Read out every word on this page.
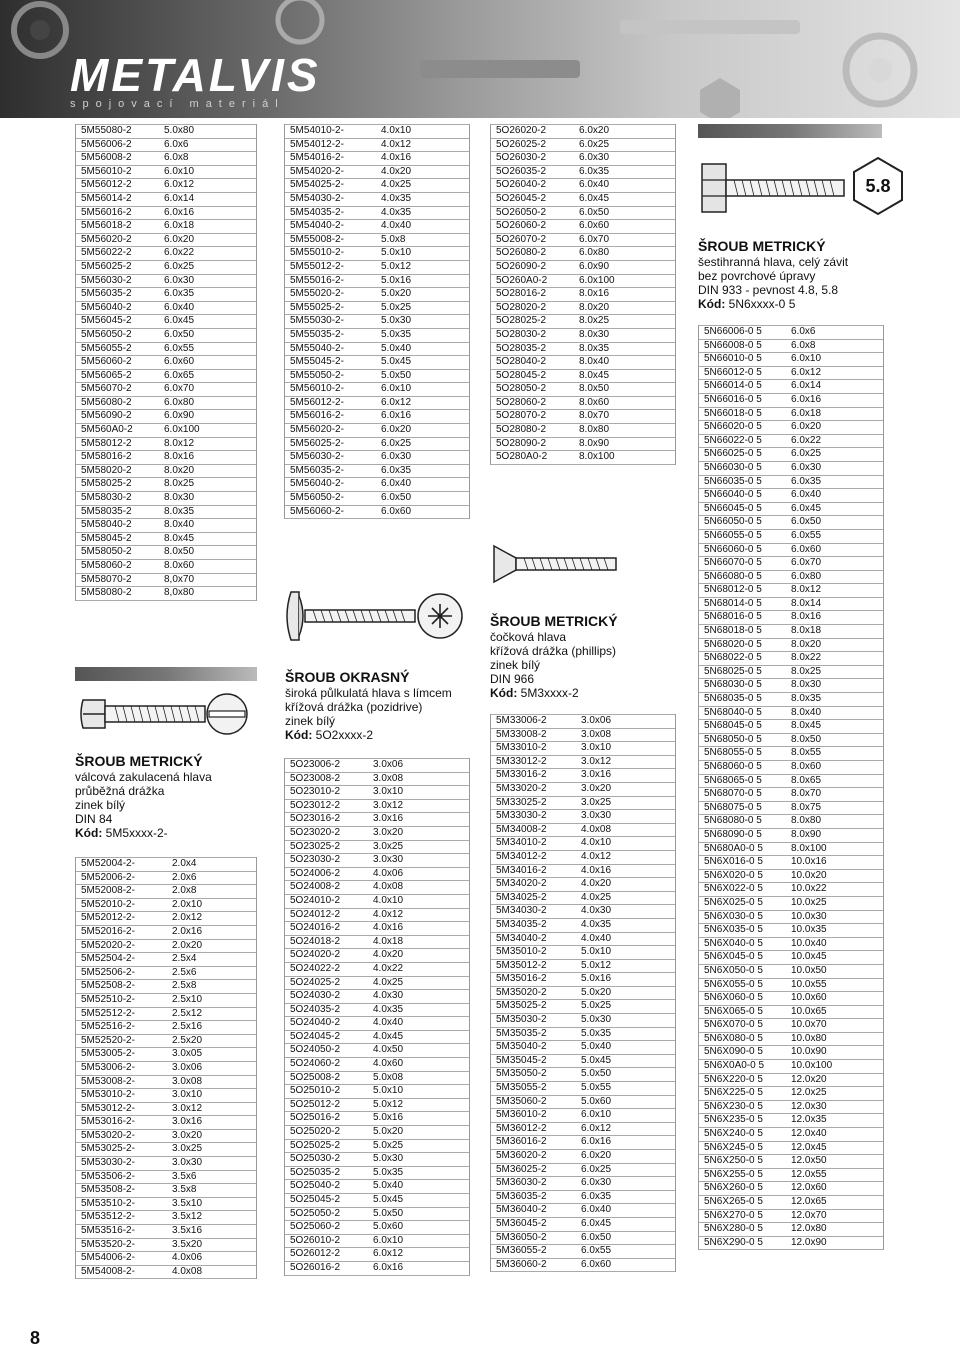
METALVIS
spojovací materiál
5M55080-2	5.0x80
5M56006-2	6.0x6
5M56008-2	6.0x8
5M56010-2	6.0x10
5M56012-2	6.0x12
5M56014-2	6.0x14
5M56016-2	6.0x16
5M56018-2	6.0x18
5M56020-2	6.0x20
5M56022-2	6.0x22
5M56025-2	6.0x25
5M56030-2	6.0x30
5M56035-2	6.0x35
5M56040-2	6.0x40
5M56045-2	6.0x45
5M56050-2	6.0x50
5M56055-2	6.0x55
5M56060-2	6.0x60
5M56065-2	6.0x65
5M56070-2	6.0x70
5M56080-2	6.0x80
5M56090-2	6.0x90
5M560A0-2	6.0x100
5M58012-2	8.0x12
5M58016-2	8.0x16
5M58020-2	8.0x20
5M58025-2	8.0x25
5M58030-2	8.0x30
5M58035-2	8.0x35
5M58040-2	8.0x40
5M58045-2	8.0x45
5M58050-2	8.0x50
5M58060-2	8.0x60
5M58070-2	8,0x70
5M58080-2	8,0x80
ŠROUB METRICKÝ
válcová zakulacená hlava
průběžná drážka
zinek bílý
DIN 84
Kód: 5M5xxxx-2-
5M52004-2-	2.0x4
5M52006-2-	2.0x6
5M52008-2-	2.0x8
5M52010-2-	2.0x10
5M52012-2-	2.0x12
5M52016-2-	2.0x16
5M52020-2-	2.0x20
5M52504-2-	2.5x4
5M52506-2-	2.5x6
5M52508-2-	2.5x8
5M52510-2-	2.5x10
5M52512-2-	2.5x12
5M52516-2-	2.5x16
5M52520-2-	2.5x20
5M53005-2-	3.0x05
5M53006-2-	3.0x06
5M53008-2-	3.0x08
5M53010-2-	3.0x10
5M53012-2-	3.0x12
5M53016-2-	3.0x16
5M53020-2-	3.0x20
5M53025-2-	3.0x25
5M53030-2-	3.0x30
5M53506-2-	3.5x6
5M53508-2-	3.5x8
5M53510-2-	3.5x10
5M53512-2-	3.5x12
5M53516-2-	3.5x16
5M53520-2-	3.5x20
5M54006-2-	4.0x06
5M54008-2-	4.0x08
5M54010-2-	4.0x10
5M54012-2-	4.0x12
5M54016-2-	4.0x16
5M54020-2-	4.0x20
5M54025-2-	4.0x25
5M54030-2-	4.0x35
5M54035-2-	4.0x35
5M54040-2-	4.0x40
5M55008-2-	5.0x8
5M55010-2-	5.0x10
5M55012-2-	5.0x12
5M55016-2-	5.0x16
5M55020-2-	5.0x20
5M55025-2-	5.0x25
5M55030-2-	5.0x30
5M55035-2-	5.0x35
5M55040-2-	5.0x40
5M55045-2-	5.0x45
5M55050-2-	5.0x50
5M56010-2-	6.0x10
5M56012-2-	6.0x12
5M56016-2-	6.0x16
5M56020-2-	6.0x20
5M56025-2-	6.0x25
5M56030-2-	6.0x30
5M56035-2-	6.0x35
5M56040-2-	6.0x40
5M56050-2-	6.0x50
5M56060-2-	6.0x60
ŠROUB OKRASNÝ
široká půlkulatá hlava s límcem
křížová drážka (pozidrive)
zinek bílý
Kód: 5O2xxxx-2
5O23006-2	3.0x06
5O23008-2	3.0x08
5O23010-2	3.0x10
5O23012-2	3.0x12
5O23016-2	3.0x16
5O23020-2	3.0x20
5O23025-2	3.0x25
5O23030-2	3.0x30
5O24006-2	4.0x06
5O24008-2	4.0x08
5O24010-2	4.0x10
5O24012-2	4.0x12
5O24016-2	4.0x16
5O24018-2	4.0x18
5O24020-2	4.0x20
5O24022-2	4.0x22
5O24025-2	4.0x25
5O24030-2	4.0x30
5O24035-2	4.0x35
5O24040-2	4.0x40
5O24045-2	4.0x45
5O24050-2	4.0x50
5O24060-2	4.0x60
5O25008-2	5.0x08
5O25010-2	5.0x10
5O25012-2	5.0x12
5O25016-2	5.0x16
5O25020-2	5.0x20
5O25025-2	5.0x25
5O25030-2	5.0x30
5O25035-2	5.0x35
5O25040-2	5.0x40
5O25045-2	5.0x45
5O25050-2	5.0x50
5O25060-2	5.0x60
5O26010-2	6.0x10
5O26012-2	6.0x12
5O26016-2	6.0x16
5O26020-2	6.0x20
5O26025-2	6.0x25
5O26030-2	6.0x30
5O26035-2	6.0x35
5O26040-2	6.0x40
5O26045-2	6.0x45
5O26050-2	6.0x50
5O26060-2	6.0x60
5O26070-2	6.0x70
5O26080-2	6.0x80
5O26090-2	6.0x90
5O260A0-2	6.0x100
5O28016-2	8.0x16
5O28020-2	8.0x20
5O28025-2	8.0x25
5O28030-2	8.0x30
5O28035-2	8.0x35
5O28040-2	8.0x40
5O28045-2	8.0x45
5O28050-2	8.0x50
5O28060-2	8.0x60
5O28070-2	8.0x70
5O28080-2	8.0x80
5O28090-2	8.0x90
5O280A0-2	8.0x100
ŠROUB METRICKÝ
čočková hlava
křížová drážka (phillips)
zinek bílý
DIN 966
Kód: 5M3xxxx-2
5M33006-2	3.0x06
5M33008-2	3.0x08
5M33010-2	3.0x10
5M33012-2	3.0x12
5M33016-2	3.0x16
5M33020-2	3.0x20
5M33025-2	3.0x25
5M33030-2	3.0x30
5M34008-2	4.0x08
5M34010-2	4.0x10
5M34012-2	4.0x12
5M34016-2	4.0x16
5M34020-2	4.0x20
5M34025-2	4.0x25
5M34030-2	4.0x30
5M34035-2	4.0x35
5M34040-2	4.0x40
5M35010-2	5.0x10
5M35012-2	5.0x12
5M35016-2	5.0x16
5M35020-2	5.0x20
5M35025-2	5.0x25
5M35030-2	5.0x30
5M35035-2	5.0x35
5M35040-2	5.0x40
5M35045-2	5.0x45
5M35050-2	5.0x50
5M35055-2	5.0x55
5M35060-2	5.0x60
5M36010-2	6.0x10
5M36012-2	6.0x12
5M36016-2	6.0x16
5M36020-2	6.0x20
5M36025-2	6.0x25
5M36030-2	6.0x30
5M36035-2	6.0x35
5M36040-2	6.0x40
5M36045-2	6.0x45
5M36050-2	6.0x50
5M36055-2	6.0x55
5M36060-2	6.0x60
5.8
ŠROUB METRICKÝ
šestihranná hlava, celý závit
bez povrchové úpravy
DIN 933 - pevnost 4.8, 5.8
Kód: 5N6xxxx-0 5
5N66006-0 5	6.0x6
5N66008-0 5	6.0x8
5N66010-0 5	6.0x10
5N66012-0 5	6.0x12
5N66014-0 5	6.0x14
5N66016-0 5	6.0x16
5N66018-0 5	6.0x18
5N66020-0 5	6.0x20
5N66022-0 5	6.0x22
5N66025-0 5	6.0x25
5N66030-0 5	6.0x30
5N66035-0 5	6.0x35
5N66040-0 5	6.0x40
5N66045-0 5	6.0x45
5N66050-0 5	6.0x50
5N66055-0 5	6.0x55
5N66060-0 5	6.0x60
5N66070-0 5	6.0x70
5N66080-0 5	6.0x80
5N68012-0 5	8.0x12
5N68014-0 5	8.0x14
5N68016-0 5	8.0x16
5N68018-0 5	8.0x18
5N68020-0 5	8.0x20
5N68022-0 5	8.0x22
5N68025-0 5	8.0x25
5N68030-0 5	8.0x30
5N68035-0 5	8.0x35
5N68040-0 5	8.0x40
5N68045-0 5	8.0x45
5N68050-0 5	8.0x50
5N68055-0 5	8.0x55
5N68060-0 5	8.0x60
5N68065-0 5	8.0x65
5N68070-0 5	8.0x70
5N68075-0 5	8.0x75
5N68080-0 5	8.0x80
5N68090-0 5	8.0x90
5N680A0-0 5	8.0x100
5N6X016-0 5	10.0x16
5N6X020-0 5	10.0x20
5N6X022-0 5	10.0x22
5N6X025-0 5	10.0x25
5N6X030-0 5	10.0x30
5N6X035-0 5	10.0x35
5N6X040-0 5	10.0x40
5N6X045-0 5	10.0x45
5N6X050-0 5	10.0x50
5N6X055-0 5	10.0x55
5N6X060-0 5	10.0x60
5N6X065-0 5	10.0x65
5N6X070-0 5	10.0x70
5N6X080-0 5	10.0x80
5N6X090-0 5	10.0x90
5N6X0A0-0 5	10.0x100
5N6X220-0 5	12.0x20
5N6X225-0 5	12.0x25
5N6X230-0 5	12.0x30
5N6X235-0 5	12.0x35
5N6X240-0 5	12.0x40
5N6X245-0 5	12.0x45
5N6X250-0 5	12.0x50
5N6X255-0 5	12.0x55
5N6X260-0 5	12.0x60
5N6X265-0 5	12.0x65
5N6X270-0 5	12.0x70
5N6X280-0 5	12.0x80
5N6X290-0 5	12.0x90
8
